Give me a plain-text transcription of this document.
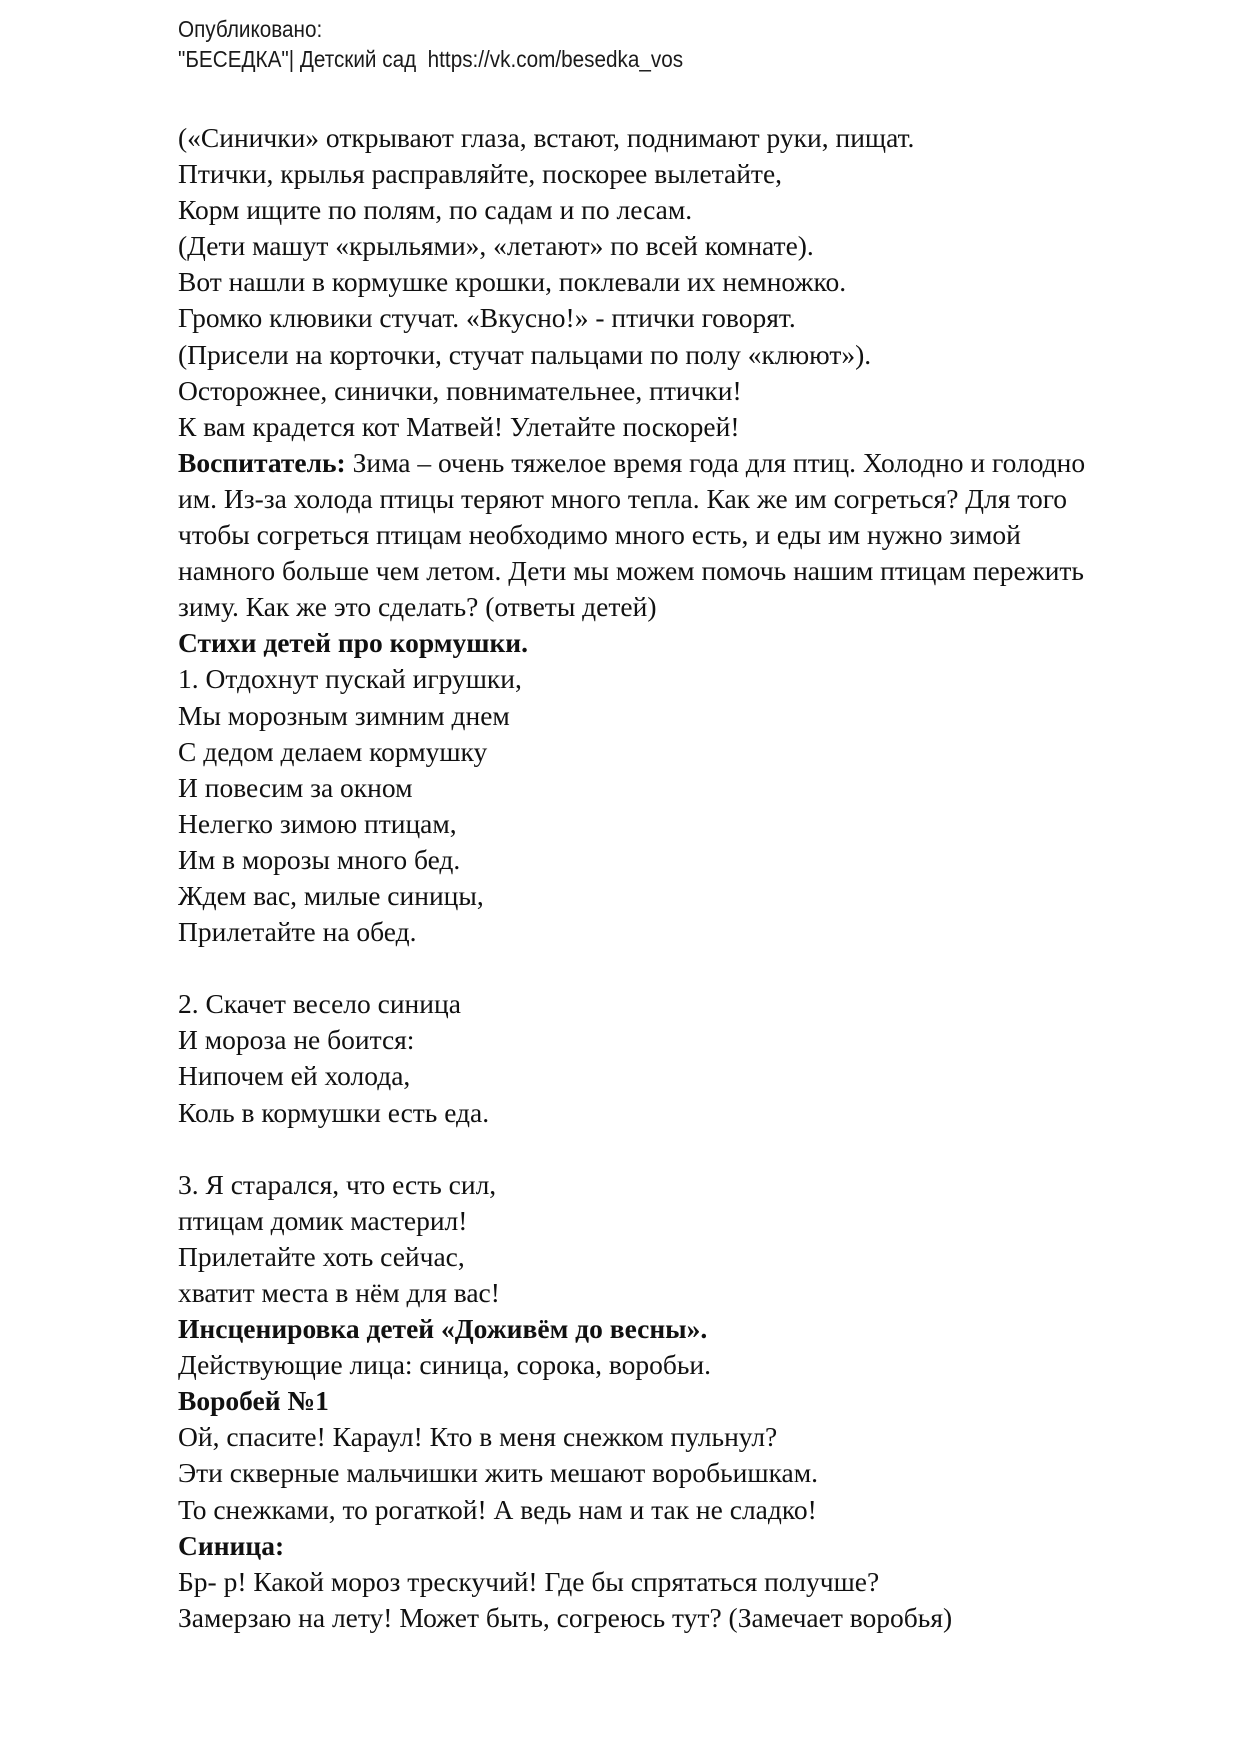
Опубликовано:
"БЕСЕДКА"| Детский сад  https://vk.com/besedka_vos
(«Синички» открывают глаза, встают, поднимают руки, пищат.
Птички, крылья расправляйте, поскорее вылетайте,
Корм ищите по полям, по садам и по лесам.
(Дети машут «крыльями», «летают» по всей комнате).
Вот нашли в кормушке крошки, поклевали их немножко.
Громко клювики стучат. «Вкусно!» - птички говорят.
(Присели на корточки, стучат пальцами по полу «клюют»).
Осторожнее, синички, повнимательнее, птички!
К вам крадется кот Матвей! Улетайте поскорей!
Воспитатель: Зима – очень тяжелое время года для птиц. Холодно и голодно
им. Из-за холода птицы теряют много тепла. Как же им согреться? Для того
чтобы согреться птицам необходимо много есть, и еды им нужно зимой
намного больше чем летом. Дети мы можем помочь нашим птицам пережить
зиму. Как же это сделать? (ответы детей)
Стихи детей про кормушки.
1. Отдохнут пускай игрушки,
Мы морозным зимним днем
С дедом делаем кормушку
И повесим за окном
Нелегко зимою птицам,
Им в морозы много бед.
Ждем вас, милые синицы,
Прилетайте на обед.
2. Скачет весело синица
И мороза не боится:
Нипочем ей холода,
Коль в кормушки есть еда.
3. Я старался, что есть сил,
птицам домик мастерил!
Прилетайте хоть сейчас,
хватит места в нём для вас!
Инсценировка детей «Доживём до весны».
Действующие лица: синица, сорока, воробьи.
Воробей №1
Ой, спасите! Караул! Кто в меня снежком пульнул?
Эти скверные мальчишки жить мешают воробьишкам.
То снежками, то рогаткой! А ведь нам и так не сладко!
Синица:
Бр- р! Какой мороз трескучий! Где бы спрятаться получше?
Замерзаю на лету! Может быть, согреюсь тут? (Замечает воробья)
